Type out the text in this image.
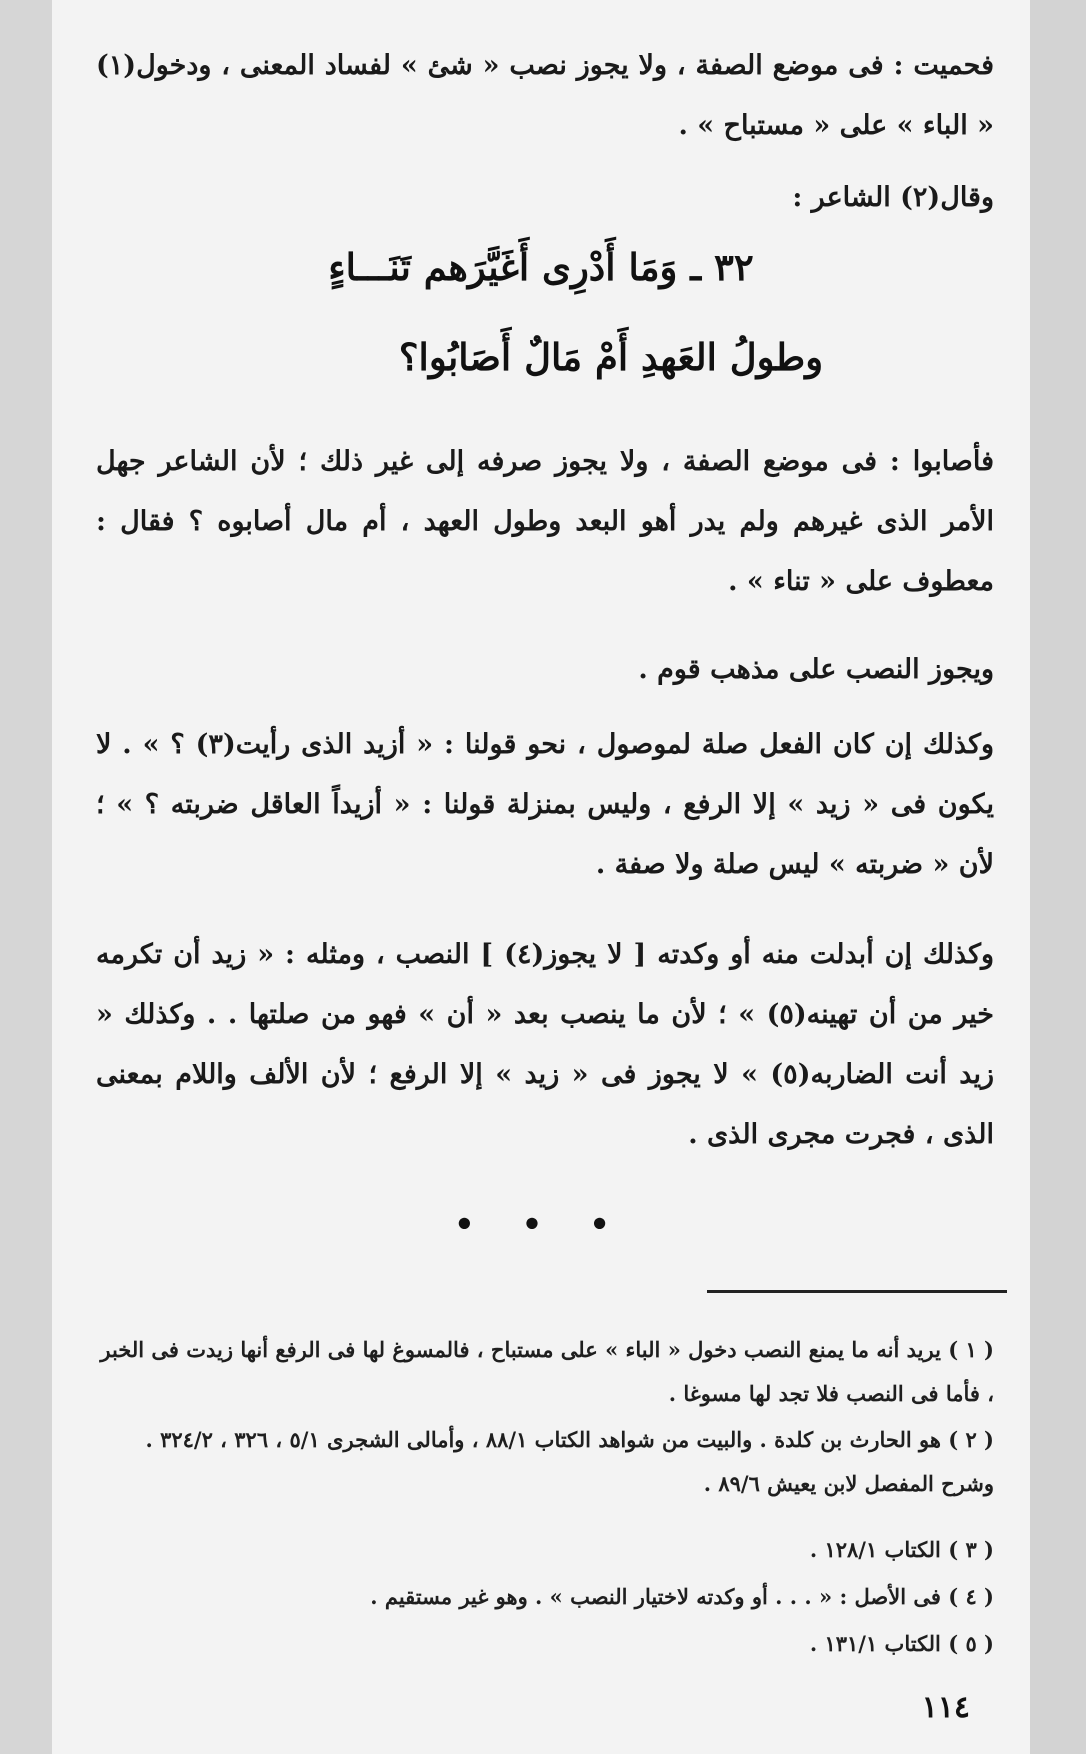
فحميت : فى موضع الصفة ، ولا يجوز نصب « شئ » لفساد المعنى ، ودخول(١) « الباء » على « مستباح » .
وقال(٢) الشاعر :
٣٢ ـ وَمَا أَدْرِى أَغَيَّرَهم تَنَـــاءٍ
وطولُ العَهدِ أَمْ مَالٌ أَصَابُوا؟
فأصابوا : فى موضع الصفة ، ولا يجوز صرفه إلى غير ذلك ؛ لأن الشاعر جهل الأمر الذى غيرهم ولم يدر أهو البعد وطول العهد ، أم مال أصابوه ؟ فقال : معطوف على « تناء » .
ويجوز النصب على مذهب قوم .
وكذلك إن كان الفعل صلة لموصول ، نحو قولنا : « أزيد الذى رأيت(٣) ؟ » . لا يكون فى « زيد » إلا الرفع ، وليس بمنزلة قولنا : « أزيداً العاقل ضربته ؟ » ؛ لأن « ضربته » ليس صلة ولا صفة .
وكذلك إن أبدلت منه أو وكدته [ لا يجوز(٤) ] النصب ، ومثله : « زيد أن تكرمه خير من أن تهينه(٥) » ؛ لأن ما ينصب بعد « أن » فهو من صلتها . . وكذلك « زيد أنت الضاربه(٥) » لا يجوز فى « زيد » إلا الرفع ؛ لأن الألف واللام بمعنى الذى ، فجرت مجرى الذى .
• • •
( ١ ) يريد أنه ما يمنع النصب دخول « الباء » على مستباح ، فالمسوغ لها فى الرفع أنها زيدت فى الخبر ، فأما فى النصب فلا تجد لها مسوغا .
( ٢ ) هو الحارث بن كلدة . والبيت من شواهد الكتاب ٨٨/١ ، وأمالى الشجرى ٥/١ ، ٣٢٦ ، ٣٢٤/٢ . وشرح المفصل لابن يعيش ٨٩/٦ .
( ٣ ) الكتاب ١٢٨/١ .
( ٤ ) فى الأصل : « . . . أو وكدته لاختيار النصب » . وهو غير مستقيم .
( ٥ ) الكتاب ١٣١/١ .
١١٤
